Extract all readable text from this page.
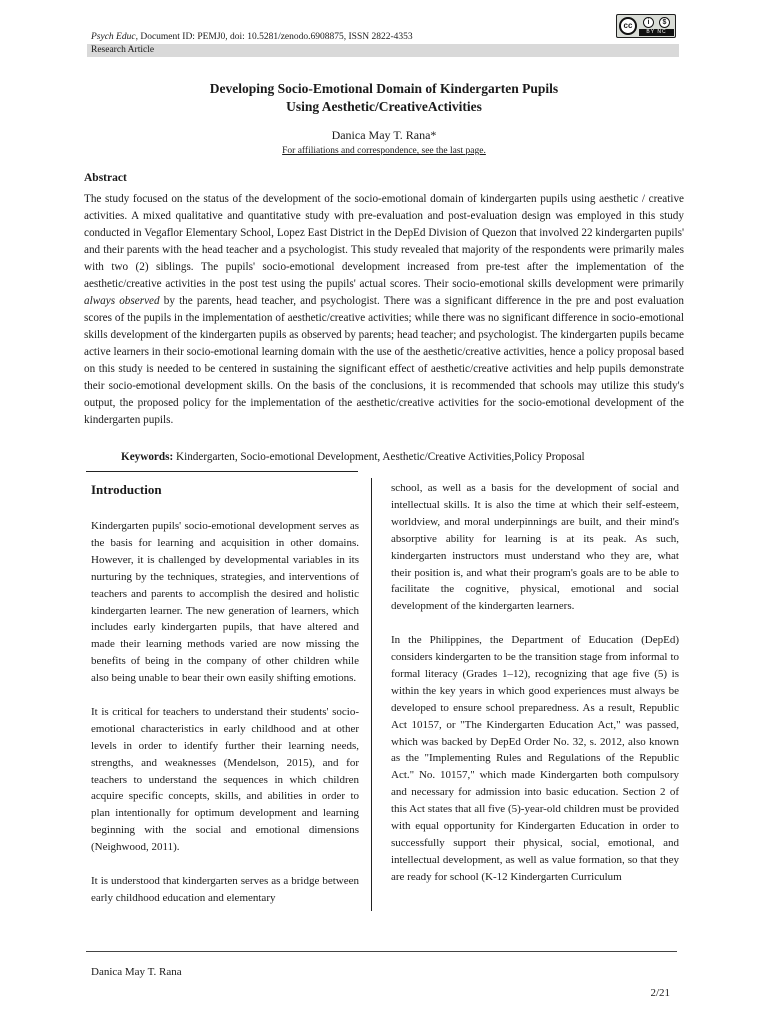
Psych Educ, Document ID: PEMJ0, doi: 10.5281/zenodo.6908875, ISSN 2822-4353
cc	i	$
BY NC
Research Article
Developing Socio-Emotional Domain of Kindergarten Pupils
Using Aesthetic/CreativeActivities
Danica May T. Rana*
For affiliations and correspondence, see the last page.
Abstract

The study focused on the status of the development of the socio-emotional domain of kindergarten pupils using aesthetic / creative activities. A mixed qualitative and quantitative study with pre-evaluation and post-evaluation design was employed in this study conducted in Vegaflor Elementary School, Lopez East District in the DepEd Division of Quezon that involved 22 kindergarten pupils' and their parents with the head teacher and a psychologist. This study revealed that majority of the respondents were primarily males with two (2) siblings. The pupils' socio-emotional development increased from pre-test after the implementation of the aesthetic/creative activities in the post test using the pupils' actual scores. Their socio-emotional skills development were primarily always observed by the parents, head teacher, and psychologist. There was a significant difference in the pre and post evaluation scores of the pupils in the implementation of aesthetic/creative activities; while there was no significant difference in socio-emotional skills development of the kindergarten pupils as observed by parents; head teacher; and psychologist. The kindergarten pupils became active learners in their socio-emotional learning domain with the use of the aesthetic/creative activities, hence a policy proposal based on this study is needed to be centered in sustaining the significant effect of aesthetic/creative activities and help pupils demonstrate their socio-emotional development skills. On the basis of the conclusions, it is recommended that schools may utilize this study's output, the proposed policy for the implementation of the aesthetic/creative activities for the socio-emotional development of the kindergarten pupils.

Keywords: Kindergarten, Socio-emotional Development, Aesthetic/Creative Activities,Policy Proposal
Introduction

Kindergarten pupils' socio-emotional development serves as the basis for learning and acquisition in other domains. However, it is challenged by developmental variables in its nurturing by the techniques, strategies, and interventions of teachers and parents to accomplish the desired and holistic kindergarten learner. The new generation of learners, which includes early kindergarten pupils, that have altered and made their learning methods varied are now missing the benefits of being in the company of other children while also being unable to bear their own easily shifting emotions.

It is critical for teachers to understand their students' socio-emotional characteristics in early childhood and at other levels in order to identify further their learning needs, strengths, and weaknesses (Mendelson, 2015), and for teachers to understand the sequences in which children acquire specific concepts, skills, and abilities in order to plan intentionally for optimum development and learning beginning with the social and emotional dimensions (Neighwood, 2011).

It is understood that kindergarten serves as a bridge between early childhood education and elementary

school, as well as a basis for the development of social and intellectual skills. It is also the time at which their self-esteem, worldview, and moral underpinnings are built, and their mind's absorptive ability for learning is at its peak. As such, kindergarten instructors must understand who they are, what their position is, and what their program's goals are to be able to facilitate the cognitive, physical, emotional and social development of the kindergarten learners.

In the Philippines, the Department of Education (DepEd) considers kindergarten to be the transition stage from informal to formal literacy (Grades 1–12), recognizing that age five (5) is within the key years in which good experiences must always be developed to ensure school preparedness. As a result, Republic Act 10157, or "The Kindergarten Education Act," was passed, which was backed by DepEd Order No. 32, s. 2012, also known as the "Implementing Rules and Regulations of the Republic Act." No. 10157," which made Kindergarten both compulsory and necessary for admission into basic education. Section 2 of this Act states that all five (5)-year-old children must be provided with equal opportunity for Kindergarten Education in order to successfully support their physical, social, emotional, and intellectual development, as well as value formation, so that they are ready for school (K-12 Kindergarten Curriculum

Danica May T. Rana
2/21
